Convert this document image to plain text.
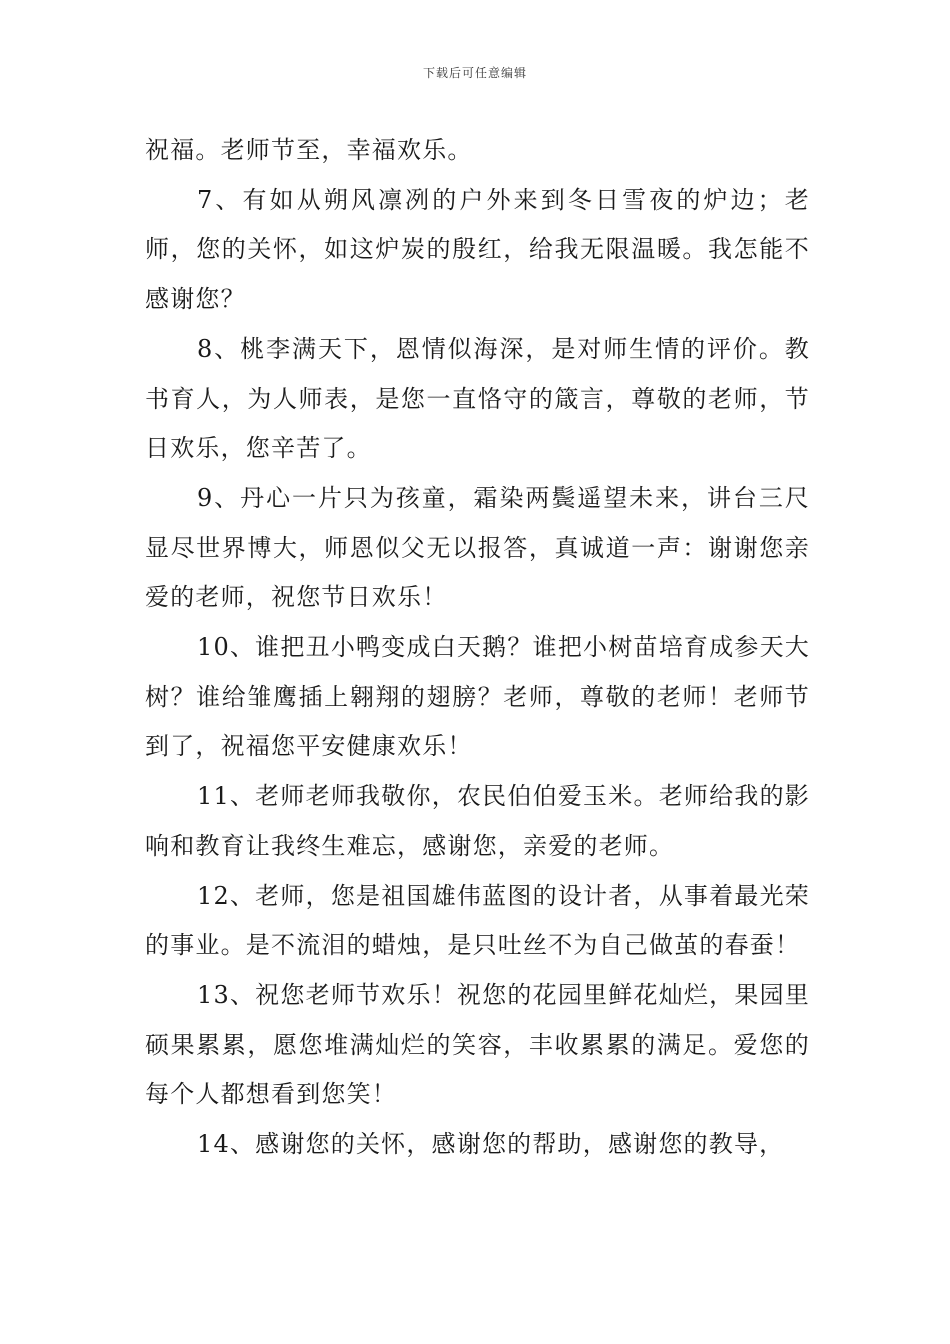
下载后可任意编辑

祝福。老师节至，幸福欢乐。

7、有如从朔风凛冽的户外来到冬日雪夜的炉边；老师，您的关怀，如这炉炭的殷红，给我无限温暖。我怎能不感谢您？

8、桃李满天下，恩情似海深，是对师生情的评价。教书育人，为人师表，是您一直恪守的箴言，尊敬的老师，节日欢乐，您辛苦了。

9、丹心一片只为孩童，霜染两鬓遥望未来，讲台三尺显尽世界博大，师恩似父无以报答，真诚道一声：谢谢您亲爱的老师，祝您节日欢乐！

10、谁把丑小鸭变成白天鹅？谁把小树苗培育成参天大树？谁给雏鹰插上翱翔的翅膀？老师，尊敬的老师！老师节到了，祝福您平安健康欢乐！

11、老师老师我敬你，农民伯伯爱玉米。老师给我的影响和教育让我终生难忘，感谢您，亲爱的老师。

12、老师，您是祖国雄伟蓝图的设计者，从事着最光荣的事业。是不流泪的蜡烛，是只吐丝不为自己做茧的春蚕！

13、祝您老师节欢乐！祝您的花园里鲜花灿烂，果园里硕果累累，愿您堆满灿烂的笑容，丰收累累的满足。爱您的每个人都想看到您笑！

14、感谢您的关怀，感谢您的帮助，感谢您的教导，
